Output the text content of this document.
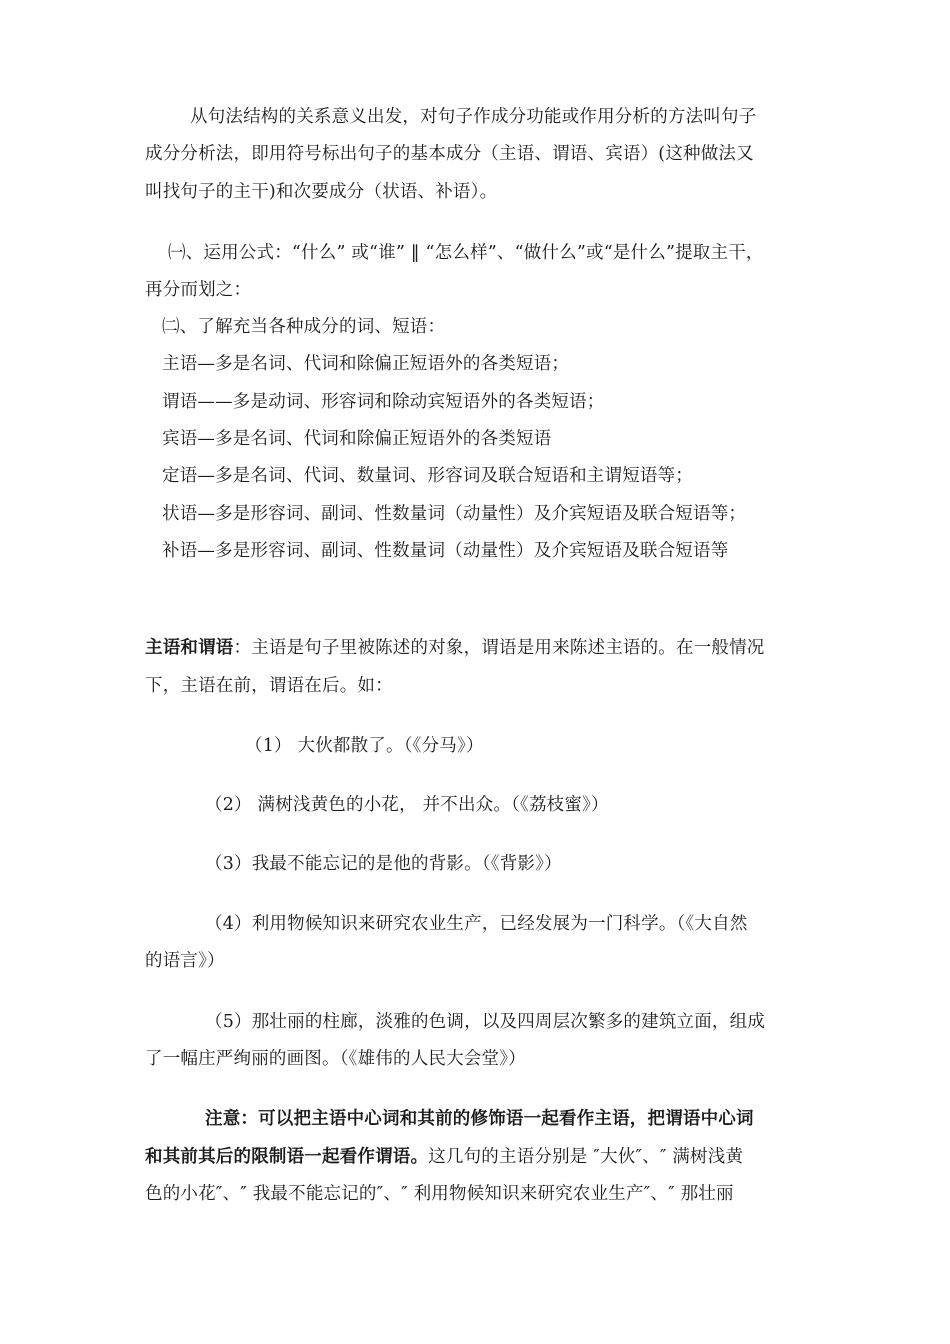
从句法结构的关系意义出发，对句子作成分功能或作用分析的方法叫句子
成分分析法，即用符号标出句子的基本成分（主语、谓语、宾语）(这种做法又
叫找句子的主干)和次要成分（状语、补语）。
㈠、运用公式：“什么” 或“谁” ‖ “怎么样”、“做什么”或“是什么”提取主干，
再分而划之：
㈡、了解充当各种成分的词、短语：
主语—多是名词、代词和除偏正短语外的各类短语；
谓语——多是动词、形容词和除动宾短语外的各类短语；
宾语—多是名词、代词和除偏正短语外的各类短语
定语—多是名词、代词、数量词、形容词及联合短语和主谓短语等；
状语—多是形容词、副词、性数量词（动量性）及介宾短语及联合短语等；
补语—多是形容词、副词、性数量词（动量性）及介宾短语及联合短语等
主语和谓语：主语是句子里被陈述的对象，谓语是用来陈述主语的。在一般情况
下，主语在前，谓语在后。如：
（1） 大伙都散了。（《分马》）
（2） 满树浅黄色的小花， 并不出众。（《荔枝蜜》）
（3）我最不能忘记的是他的背影。（《背影》）
（4）利用物候知识来研究农业生产，已经发展为一门科学。（《大自然
的语言》）
（5）那壮丽的柱廊，淡雅的色调，以及四周层次繁多的建筑立面，组成
了一幅庄严绚丽的画图。（《雄伟的人民大会堂》）
注意：可以把主语中心词和其前的修饰语一起看作主语，把谓语中心词
和其前其后的限制语一起看作谓语。这几句的主语分别是 ″大伙″、″ 满树浅黄
色的小花″、″ 我最不能忘记的″、″ 利用物候知识来研究农业生产″、″ 那壮丽
